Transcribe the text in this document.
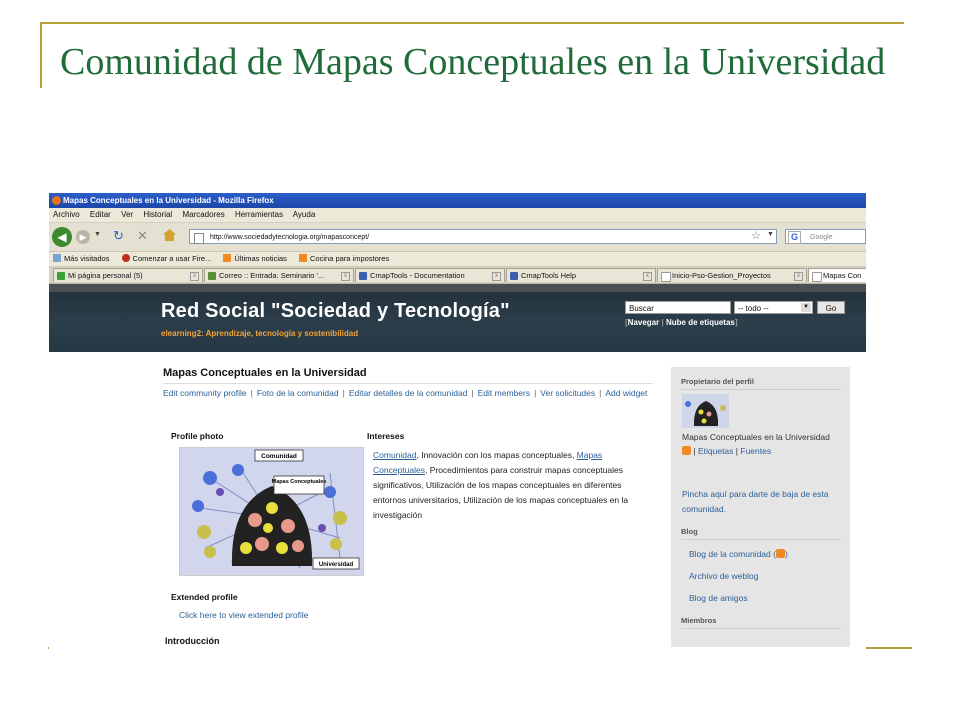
Comunidad de Mapas Conceptuales en la Universidad
Mapas Conceptuales en la Universidad - Mozilla Firefox
Archivo Editar Ver Historial Marcadores Herramientas Ayuda
◀	▶	▼ ↻ ✕	http://www.sociedadytecnologia.org/mapasconcept/	☆ ▼	G	Google
Más visitados	Comenzar a usar Fire...	Últimas noticias	Cocina para impostores
Mi página personal (5)	x	Correo :: Entrada: Seminario '...	x	CmapTools - Documentation	x	CmapTools Help	x	Inicio-Pso-Gestion_Proyectos	x	Mapas Con
Red Social "Sociedad y Tecnología"
elearning2: Aprendizaje, tecnología y sostenibilidad
Buscar	-- todo --	▼	Go
[Navegar | Nube de etiquetas]
Mapas Conceptuales en la Universidad
Edit community profile | Foto de la comunidad | Editar detalles de la comunidad | Edit members | Ver solicitudes | Add widget
Profile photo	Intereses
Comunidad
Mapas Conceptuales
Universidad
Comunidad, Innovación con los mapas conceptuales, Mapas Conceptuales, Procedimientos para construir mapas conceptuales significativos, Utilización de los mapas conceptuales en diferentes entornos universitarios, Utilización de los mapas conceptuales en la investigación
Extended profile
Click here to view extended profile
Introducción
Propietario del perfil
Mapas Conceptuales en la Universidad
| Etiquetas | Fuentes
Pincha aquí para darte de baja de esta comunidad.
Blog
Blog de la comunidad ( )
Archivo de weblog
Blog de amigos
Miembros
